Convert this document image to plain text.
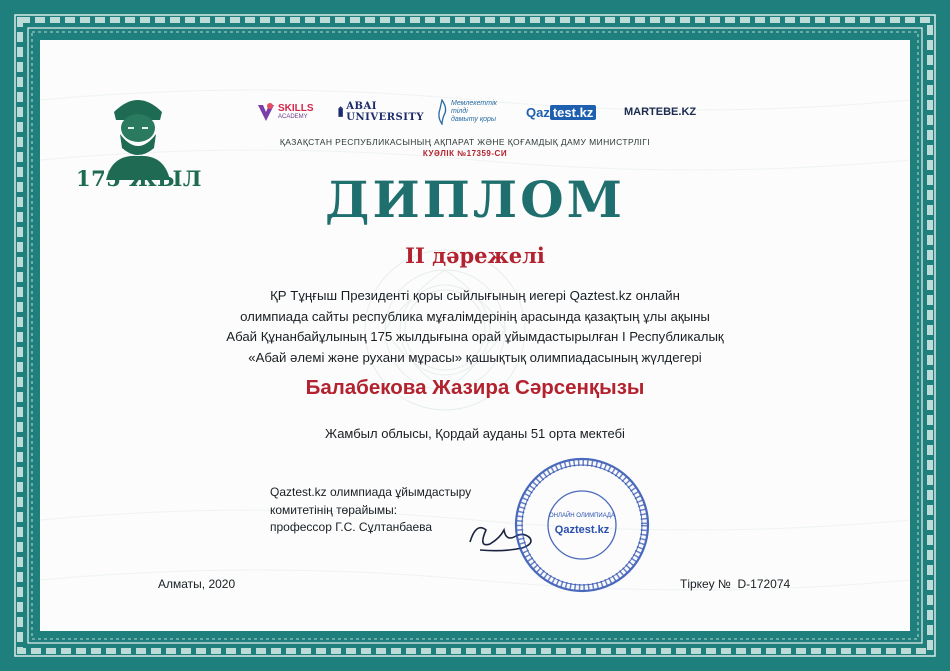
175 ЖЫЛ
SKILLS
ACADEMY
ABAI UNIVERSITY
Мемлекеттік
тілді
дамыту қоры Qaz test.kz	MARTEBE.KZ
ҚАЗАҚСТАН РЕСПУБЛИКАСЫНЫҢ АҚПАРАТ ЖӘНЕ ҚОҒАМДЫҚ ДАМУ МИНИСТРЛІГІ
КУӘЛІК №17359-СИ
ДИПЛОМ
II дәрежелі
ҚР Тұңғыш Президенті қоры сыйлығының иегері Qaztest.kz онлайн
олимпиада сайты республика мұғалімдерінің арасында қазақтың ұлы ақыны
Абай Құнанбайұлының 175 жылдығына орай ұйымдастырылған І Республикалық
«Абай әлемі және рухани мұрасы» қашықтық олимпиадасының жүлдегері
Балабекова Жазира Сәрсенқызы
Жамбыл облысы, Қордай ауданы 51 орта мектебі
Qaztest.kz олимпиада ұйымдастыру
комитетінің төрайымы:
профессор Г.С. Сұлтанбаева
ОНЛАЙН ОЛИМПИАДА
Qaztest.kz
Алматы, 2020	Тіркеу № D-172074
